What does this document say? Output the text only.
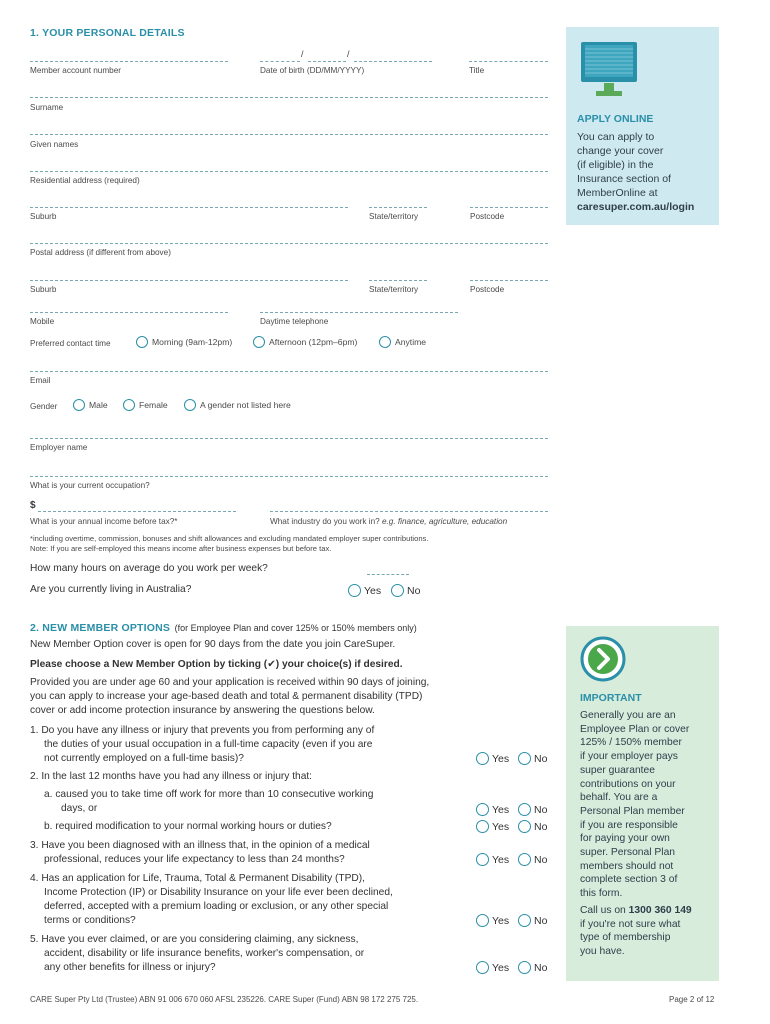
1. YOUR PERSONAL DETAILS
/	/
Member account number	Date of birth (DD/MM/YYYY)	Title
Surname
Given names
Residential address (required)
Suburb	State/territory	Postcode
Postal address (if different from above)
Suburb	State/territory	Postcode
Mobile	Daytime telephone
Preferred contact time	Morning (9am-12pm)	Afternoon (12pm–6pm)	Anytime
Email
Gender	Male	Female	A gender not listed here
Employer name
What is your current occupation?
$
What is your annual income before tax?*	What industry do you work in? e.g. finance, agriculture, education
*including overtime, commission, bonuses and shift allowances and excluding mandated employer super contributions.
Note: If you are self-employed this means income after business expenses but before tax.
How many hours on average do you work per week?
Are you currently living in Australia?	Yes No
APPLY ONLINE
You can apply to
change your cover
(if eligible) in the
Insurance section of
MemberOnline at
caresuper.com.au/login
2. NEW MEMBER OPTIONS (for Employee Plan and cover 125% or 150% members only)
New Member Option cover is open for 90 days from the date you join CareSuper.
Please choose a New Member Option by ticking (✔) your choice(s) if desired.
Provided you are under age 60 and your application is received within 90 days of joining,
you can apply to increase your age-based death and total & permanent disability (TPD)
cover or add income protection insurance by answering the questions below.
1. Do you have any illness or injury that prevents you from performing any of
the duties of your usual occupation in a full-time capacity (even if you are
not currently employed on a full-time basis)?	Yes No
2. In the last 12 months have you had any illness or injury that:
a. caused you to take time off work for more than 10 consecutive working
days, or	Yes No
b. required modification to your normal working hours or duties?	Yes No
3. Have you been diagnosed with an illness that, in the opinion of a medical
professional, reduces your life expectancy to less than 24 months?	Yes No
4. Has an application for Life, Trauma, Total & Permanent Disability (TPD),
Income Protection (IP) or Disability Insurance on your life ever been declined,
deferred, accepted with a premium loading or exclusion, or any other special
terms or conditions?	Yes No
5. Have you ever claimed, or are you considering claiming, any sickness,
accident, disability or life insurance benefits, worker's compensation, or
any other benefits for illness or injury?	Yes No
IMPORTANT
Generally you are an
Employee Plan or cover
125% / 150% member
if your employer pays
super guarantee
contributions on your
behalf. You are a
Personal Plan member
if you are responsible
for paying your own
super. Personal Plan
members should not
complete section 3 of
this form.
Call us on 1300 360 149
if you're not sure what
type of membership
you have.
CARE Super Pty Ltd (Trustee) ABN 91 006 670 060 AFSL 235226. CARE Super (Fund) ABN 98 172 275 725.	Page 2 of 12
